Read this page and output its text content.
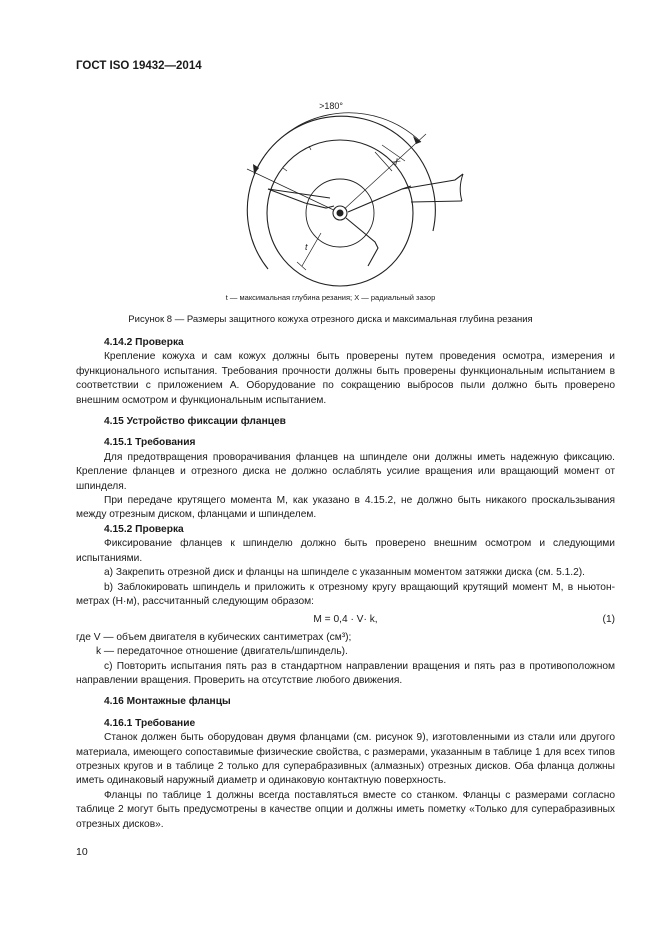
ГОСТ ISO 19432—2014
>180°
X
t
t — максимальная глубина резания; X — радиальный зазор
Рисунок 8 — Размеры защитного кожуха отрезного диска и максимальная глубина резания
4.14.2 Проверка

Крепление кожуха и сам кожух должны быть проверены путем проведения осмотра, измерения и функционального испытания. Требования прочности должны быть проверены функциональным испытанием в соответствии с приложением А. Оборудование по сокращению выбросов пыли должно быть проверено внешним осмотром и функциональным испытанием.

4.15 Устройство фиксации фланцев
4.15.1 Требования

Для предотвращения проворачивания фланцев на шпинделе они должны иметь надежную фиксацию. Крепление фланцев и отрезного диска не должно ослаблять усилие вращения или вращающий момент от шпинделя.

При передаче крутящего момента М, как указано в 4.15.2, не должно быть никакого проскальзывания между отрезным диском, фланцами и шпинделем.

4.15.2 Проверка

Фиксирование фланцев к шпинделю должно быть проверено внешним осмотром и следующими испытаниями.

а) Закрепить отрезной диск и фланцы на шпинделе с указанным моментом затяжки диска (см. 5.1.2).

b) Заблокировать шпиндель и приложить к отрезному кругу вращающий крутящий момент М, в ньютон-метрах (Н·м), рассчитанный следующим образом:

M = 0,4 · V· k,	(1)

где V — объем двигателя в кубических сантиметрах (см³);

k — передаточное отношение (двигатель/шпиндель).

с) Повторить испытания пять раз в стандартном направлении вращения и пять раз в противоположном направлении вращения. Проверить на отсутствие любого движения.

4.16 Монтажные фланцы
4.16.1 Требование

Станок должен быть оборудован двумя фланцами (см. рисунок 9), изготовленными из стали или другого материала, имеющего сопоставимые физические свойства, с размерами, указанным в таблице 1 для всех типов отрезных кругов и в таблице 2 только для суперабразивных (алмазных) отрезных дисков. Оба фланца должны иметь одинаковый наружный диаметр и одинаковую контактную поверхность.

Фланцы по таблице 1 должны всегда поставляться вместе со станком. Фланцы с размерами согласно таблице 2 могут быть предусмотрены в качестве опции и должны иметь пометку «Только для суперабразивных отрезных дисков».

10
